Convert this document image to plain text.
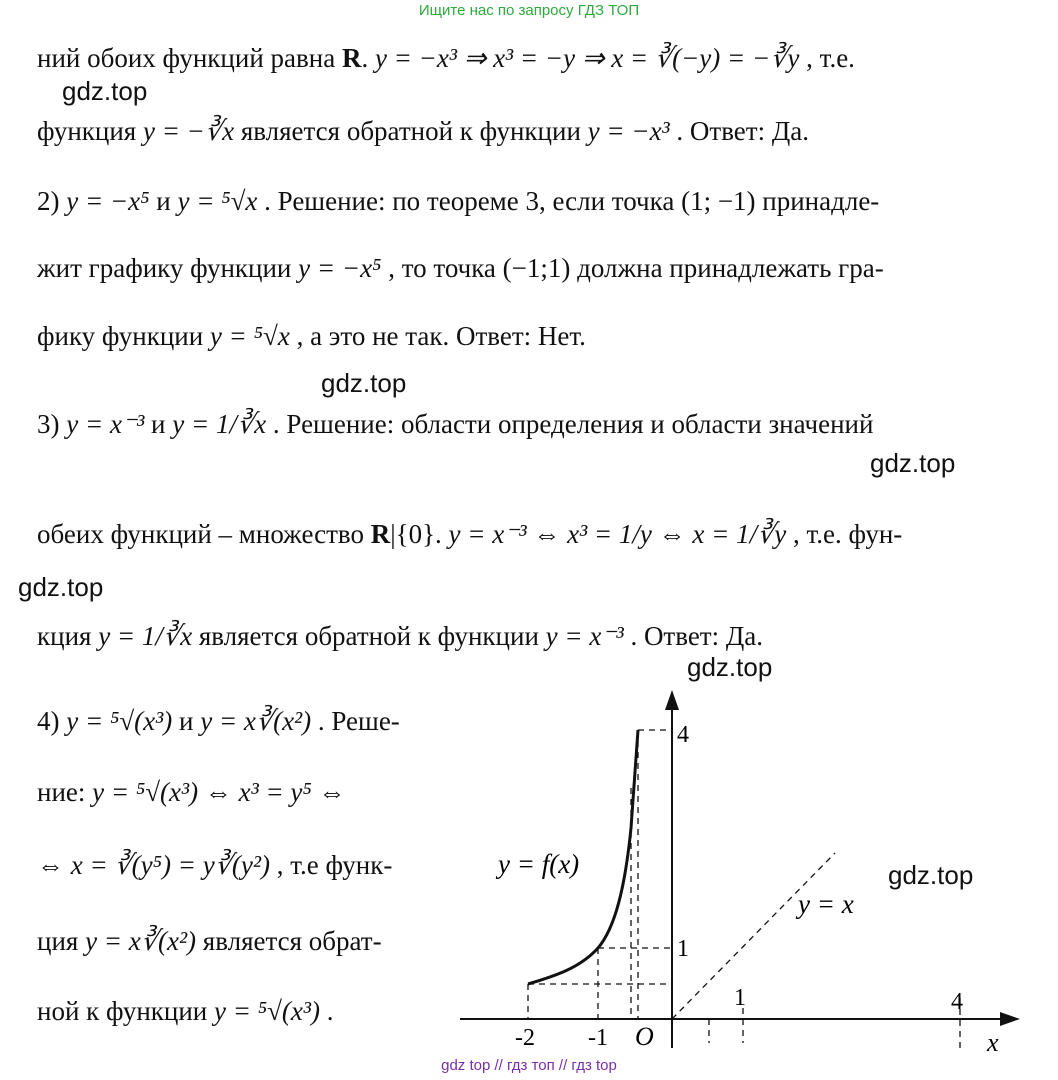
Ищите нас по запросу ГДЗ ТОП
gdz.top
gdz.top
gdz.top
gdz.top
gdz.top
gdz.top
ний обоих функций равна R. y = −x³ ⇒ x³ = −y ⇒ x = ∛(−y) = −∛y , т.е.
функция y = −∛x является обратной к функции y = −x³ . Ответ: Да.
2) y = −x⁵ и y = ⁵√x . Решение: по теореме 3, если точка (1; −1) принадле-
жит графику функции y = −x⁵ , то точка (−1;1) должна принадлежать гра-
фику функции y = ⁵√x , а это не так. Ответ: Нет.
3) y = x⁻³ и y = 1/∛x . Решение: области определения и области значений
обеих функций – множество R|{0}. y = x⁻³ ⇔ x³ = 1/y ⇔ x = 1/∛y , т.е. фун-
кция y = 1/∛x является обратной к функции y = x⁻³ . Ответ: Да.
4) y = ⁵√(x³) и y = x∛(x²) . Реше-
ние: y = ⁵√(x³) ⇔ x³ = y⁵ ⇔
⇔ x = ∛(y⁵) = y∛(y²) , т.е функ-
ция y = x∛(x²) является обрат-
ной к функции y = ⁵√(x³) .
y = f(x)
y = x
4
1
-2 -1 O
1	4
x
gdz top // гдз топ // гдз top
